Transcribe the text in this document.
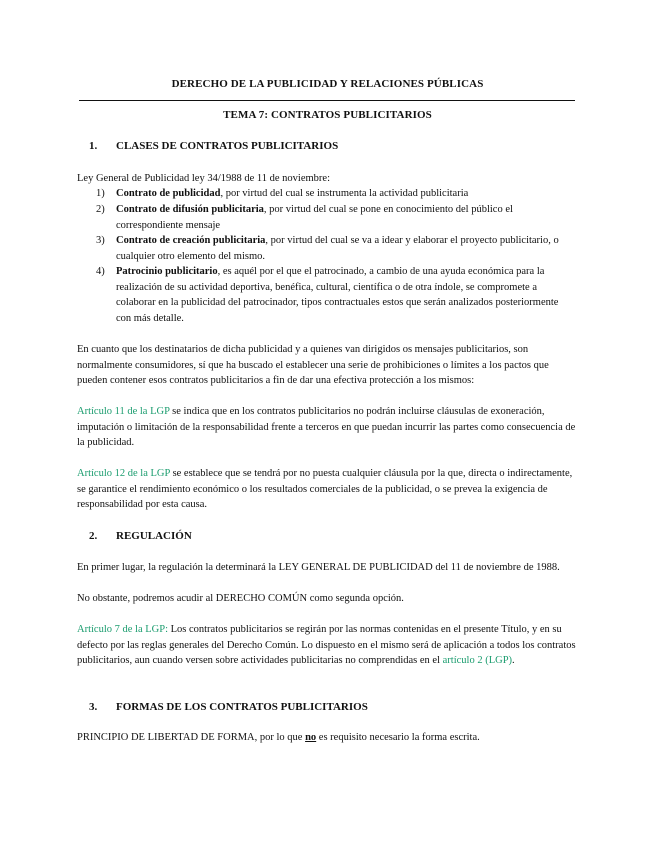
DERECHO DE LA PUBLICIDAD Y RELACIONES PÚBLICAS
TEMA 7: CONTRATOS PUBLICITARIOS
1. CLASES DE CONTRATOS PUBLICITARIOS
Ley General de Publicidad ley 34/1988 de 11 de noviembre:
1) Contrato de publicidad, por virtud del cual se instrumenta la actividad publicitaria
2) Contrato de difusión publicitaria, por virtud del cual se pone en conocimiento del público el correspondiente mensaje
3) Contrato de creación publicitaria, por virtud del cual se va a idear y elaborar el proyecto publicitario, o cualquier otro elemento del mismo.
4) Patrocinio publicitario, es aquél por el que el patrocinado, a cambio de una ayuda económica para la realización de su actividad deportiva, benéfica, cultural, científica o de otra índole, se compromete a colaborar en la publicidad del patrocinador, tipos contractuales estos que serán analizados posteriormente con más detalle.
En cuanto que los destinatarios de dicha publicidad y a quienes van dirigidos os mensajes publicitarios, son normalmente consumidores, sí que ha buscado el establecer una serie de prohibiciones o límites a los pactos que pueden contener esos contratos publicitarios a fin de dar una efectiva protección a los mismos:
Artículo 11 de la LGP se indica que en los contratos publicitarios no podrán incluirse cláusulas de exoneración, imputación o limitación de la responsabilidad frente a terceros en que puedan incurrir las partes como consecuencia de la publicidad.
Artículo 12 de la LGP se establece que se tendrá por no puesta cualquier cláusula por la que, directa o indirectamente, se garantice el rendimiento económico o los resultados comerciales de la publicidad, o se prevea la exigencia de responsabilidad por esta causa.
2. REGULACIÓN
En primer lugar, la regulación la determinará la LEY GENERAL DE PUBLICIDAD del 11 de noviembre de 1988.
No obstante, podremos acudir al DERECHO COMÚN como segunda opción.
Artículo 7 de la LGP: Los contratos publicitarios se regirán por las normas contenidas en el presente Título, y en su defecto por las reglas generales del Derecho Común. Lo dispuesto en el mismo será de aplicación a todos los contratos publicitarios, aun cuando versen sobre actividades publicitarias no comprendidas en el artículo 2 (LGP).
3. FORMAS DE LOS CONTRATOS PUBLICITARIOS
PRINCIPIO DE LIBERTAD DE FORMA, por lo que no es requisito necesario la forma escrita.
